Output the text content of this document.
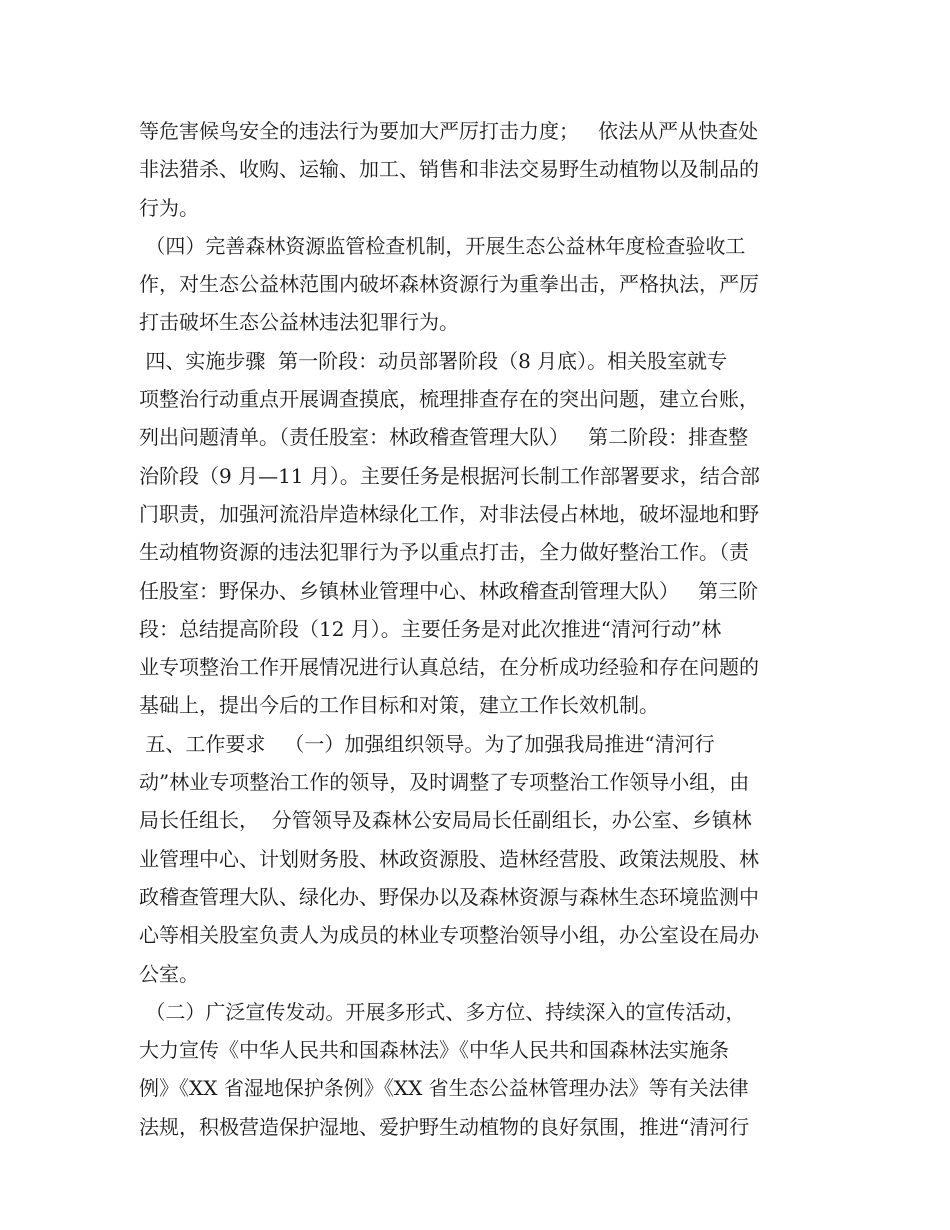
等危害候鸟安全的违法行为要加大严厉打击力度；   依法从严从快查处
非法猎杀、收购、运输、加工、销售和非法交易野生动植物以及制品的
行为。
（四）完善森林资源监管检查机制，开展生态公益林年度检查验收工
作，对生态公益林范围内破坏森林资源行为重拳出击，严格执法，严厉
打击破坏生态公益林违法犯罪行为。
四、实施步骤  第一阶段：动员部署阶段（8 月底）。相关股室就专
项整治行动重点开展调查摸底，梳理排查存在的突出问题，建立台账，
列出问题清单。（责任股室：林政稽查管理大队）   第二阶段：排查整
治阶段（9 月—11 月）。主要任务是根据河长制工作部署要求，结合部
门职责，加强河流沿岸造林绿化工作，对非法侵占林地，破坏湿地和野
生动植物资源的违法犯罪行为予以重点打击，全力做好整治工作。（责
任股室：野保办、乡镇林业管理中心、林政稽查刮管理大队）   第三阶
段：总结提高阶段（12 月）。主要任务是对此次推进“清河行动”林
业专项整治工作开展情况进行认真总结，在分析成功经验和存在问题的
基础上，提出今后的工作目标和对策，建立工作长效机制。
五、工作要求   （一）加强组织领导。为了加强我局推进“清河行
动”林业专项整治工作的领导，及时调整了专项整治工作领导小组，由
局长任组长，  分管领导及森林公安局局长任副组长，办公室、乡镇林
业管理中心、计划财务股、林政资源股、造林经营股、政策法规股、林
政稽查管理大队、绿化办、野保办以及森林资源与森林生态环境监测中
心等相关股室负责人为成员的林业专项整治领导小组，办公室设在局办
公室。
（二）广泛宣传发动。开展多形式、多方位、持续深入的宣传活动，
大力宣传《中华人民共和国森林法》《中华人民共和国森林法实施条
例》《XX 省湿地保护条例》《XX 省生态公益林管理办法》等有关法律
法规，积极营造保护湿地、爱护野生动植物的良好氛围，推进“清河行
